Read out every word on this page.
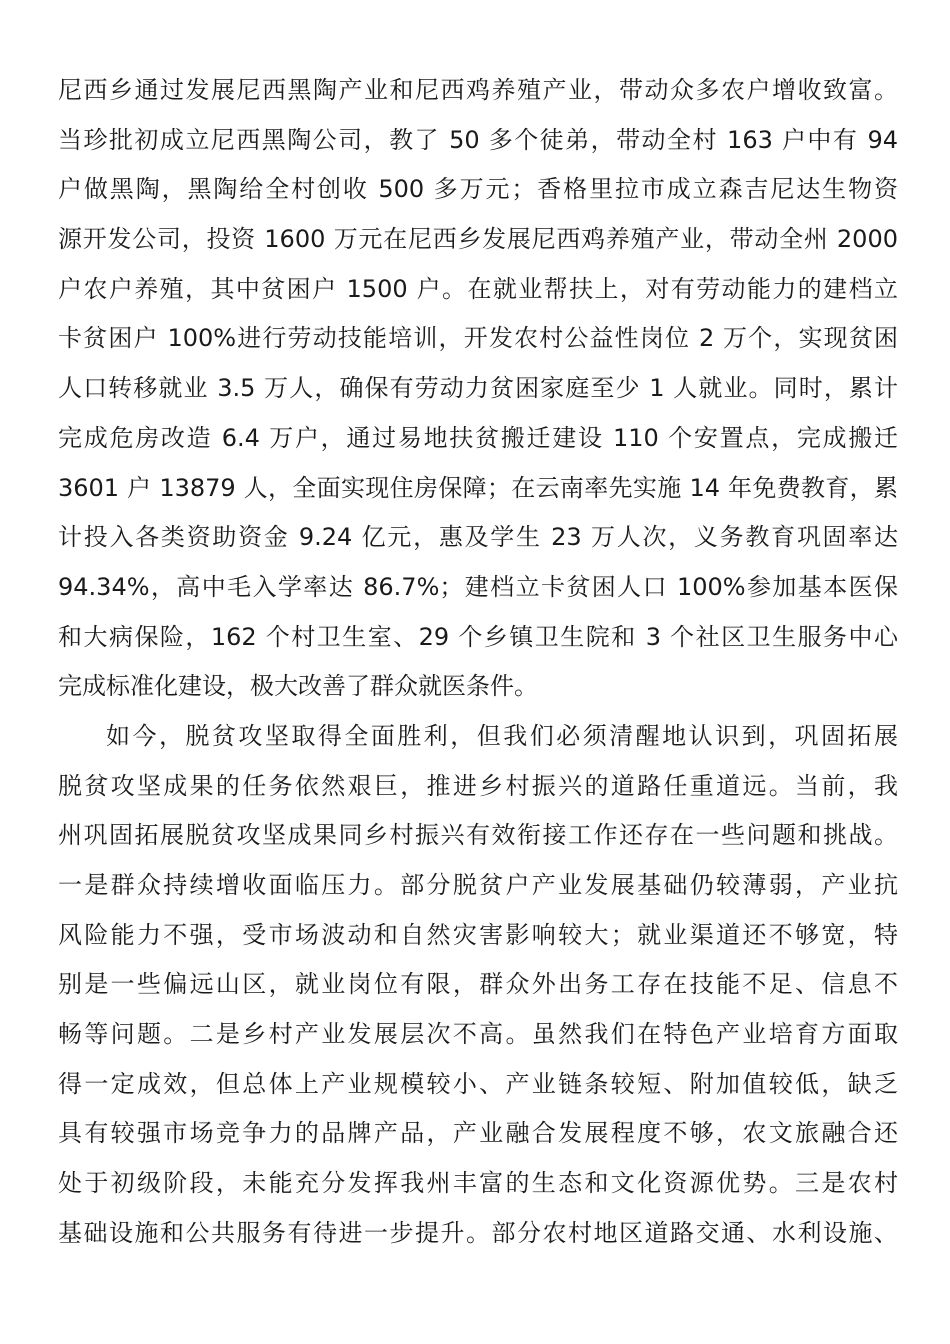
尼西乡通过发展尼西黑陶产业和尼西鸡养殖产业，带动众多农户增收致富。
当珍批初成立尼西黑陶公司，教了 50 多个徒弟，带动全村 163 户中有 94
户做黑陶，黑陶给全村创收 500 多万元；香格里拉市成立森吉尼达生物资
源开发公司，投资 1600 万元在尼西乡发展尼西鸡养殖产业，带动全州 2000
户农户养殖，其中贫困户 1500 户。在就业帮扶上，对有劳动能力的建档立
卡贫困户 100%进行劳动技能培训，开发农村公益性岗位 2 万个，实现贫困
人口转移就业 3.5 万人，确保有劳动力贫困家庭至少 1 人就业。同时，累计
完成危房改造 6.4 万户，通过易地扶贫搬迁建设 110 个安置点，完成搬迁
3601 户 13879 人，全面实现住房保障；在云南率先实施 14 年免费教育，累
计投入各类资助资金 9.24 亿元，惠及学生 23 万人次，义务教育巩固率达
94.34%，高中毛入学率达 86.7%；建档立卡贫困人口 100%参加基本医保
和大病保险，162 个村卫生室、29 个乡镇卫生院和 3 个社区卫生服务中心
完成标准化建设，极大改善了群众就医条件。
如今，脱贫攻坚取得全面胜利，但我们必须清醒地认识到，巩固拓展
脱贫攻坚成果的任务依然艰巨，推进乡村振兴的道路任重道远。当前，我
州巩固拓展脱贫攻坚成果同乡村振兴有效衔接工作还存在一些问题和挑战。
一是群众持续增收面临压力。部分脱贫户产业发展基础仍较薄弱，产业抗
风险能力不强，受市场波动和自然灾害影响较大；就业渠道还不够宽，特
别是一些偏远山区，就业岗位有限，群众外出务工存在技能不足、信息不
畅等问题。二是乡村产业发展层次不高。虽然我们在特色产业培育方面取
得一定成效，但总体上产业规模较小、产业链条较短、附加值较低，缺乏
具有较强市场竞争力的品牌产品，产业融合发展程度不够，农文旅融合还
处于初级阶段，未能充分发挥我州丰富的生态和文化资源优势。三是农村
基础设施和公共服务有待进一步提升。部分农村地区道路交通、水利设施、
